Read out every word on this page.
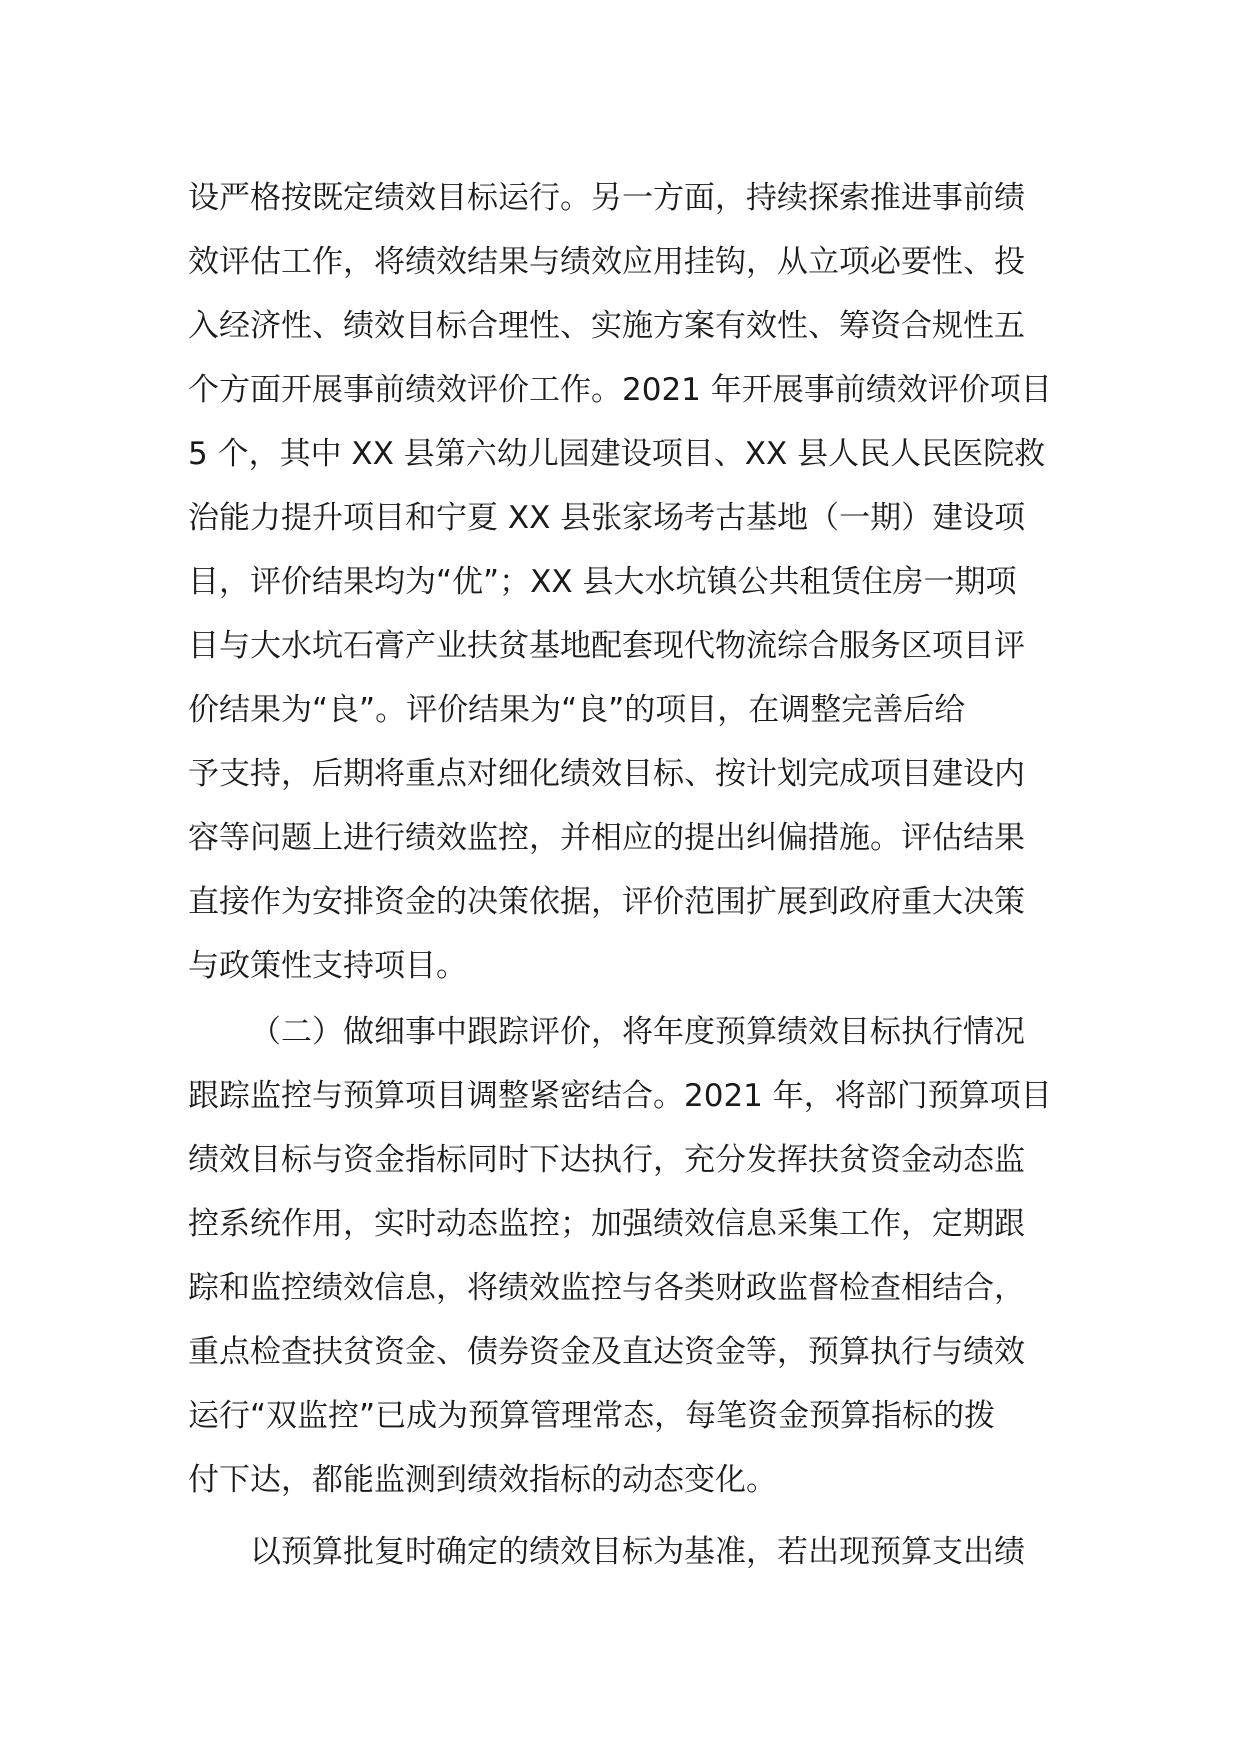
设严格按既定绩效目标运行。另一方面，持续探索推进事前绩
效评估工作，将绩效结果与绩效应用挂钩，从立项必要性、投
入经济性、绩效目标合理性、实施方案有效性、筹资合规性五
个方面开展事前绩效评价工作。2021 年开展事前绩效评价项目
5 个，其中 XX 县第六幼儿园建设项目、XX 县人民人民医院救
治能力提升项目和宁夏 XX 县张家场考古基地（一期）建设项
目，评价结果均为“优”；XX 县大水坑镇公共租赁住房一期项
目与大水坑石膏产业扶贫基地配套现代物流综合服务区项目评
价结果为“良”。评价结果为“良”的项目，在调整完善后给
予支持，后期将重点对细化绩效目标、按计划完成项目建设内
容等问题上进行绩效监控，并相应的提出纠偏措施。评估结果
直接作为安排资金的决策依据，评价范围扩展到政府重大决策
与政策性支持项目。
（二）做细事中跟踪评价，将年度预算绩效目标执行情况
跟踪监控与预算项目调整紧密结合。2021 年，将部门预算项目
绩效目标与资金指标同时下达执行，充分发挥扶贫资金动态监
控系统作用，实时动态监控；加强绩效信息采集工作，定期跟
踪和监控绩效信息，将绩效监控与各类财政监督检查相结合，
重点检查扶贫资金、债券资金及直达资金等，预算执行与绩效
运行“双监控”已成为预算管理常态，每笔资金预算指标的拨
付下达，都能监测到绩效指标的动态变化。
以预算批复时确定的绩效目标为基准，若出现预算支出绩
